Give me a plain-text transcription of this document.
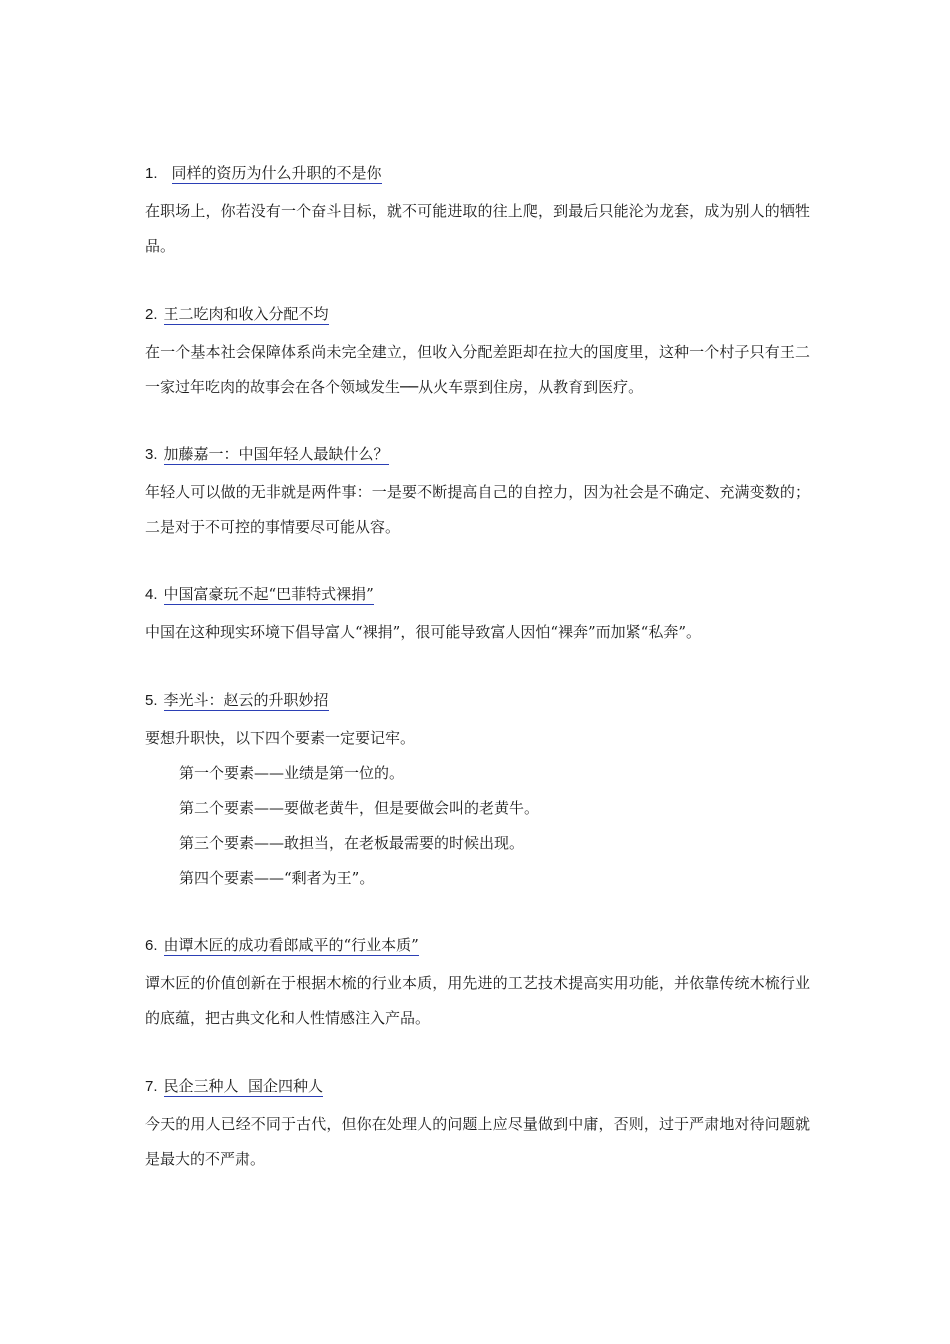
1. 同样的资历为什么升职的不是你
在职场上，你若没有一个奋斗目标，就不可能进取的往上爬，到最后只能沦为龙套，成为别人的牺牲品。
2. 王二吃肉和收入分配不均
在一个基本社会保障体系尚未完全建立，但收入分配差距却在拉大的国度里，这种一个村子只有王二一家过年吃肉的故事会在各个领域发生──从火车票到住房，从教育到医疗。
3. 加藤嘉一：中国年轻人最缺什么？
年轻人可以做的无非就是两件事：一是要不断提高自己的自控力，因为社会是不确定、充满变数的；二是对于不可控的事情要尽可能从容。
4. 中国富豪玩不起“巴菲特式裸捐”
中国在这种现实环境下倡导富人“裸捐”，很可能导致富人因怕“裸奔”而加紧“私奔”。
5. 李光斗：赵云的升职妙招
要想升职快，以下四个要素一定要记牢。
第一个要素——业绩是第一位的。
第二个要素——要做老黄牛，但是要做会叫的老黄牛。
第三个要素——敢担当，在老板最需要的时候出现。
第四个要素——“剩者为王”。
6. 由谭木匠的成功看郎咸平的“行业本质”
谭木匠的价值创新在于根据木梳的行业本质，用先进的工艺技术提高实用功能，并依靠传统木梳行业的底蕴，把古典文化和人性情感注入产品。
7. 民企三种人  国企四种人
今天的用人已经不同于古代，但你在处理人的问题上应尽量做到中庸，否则，过于严肃地对待问题就是最大的不严肃。
